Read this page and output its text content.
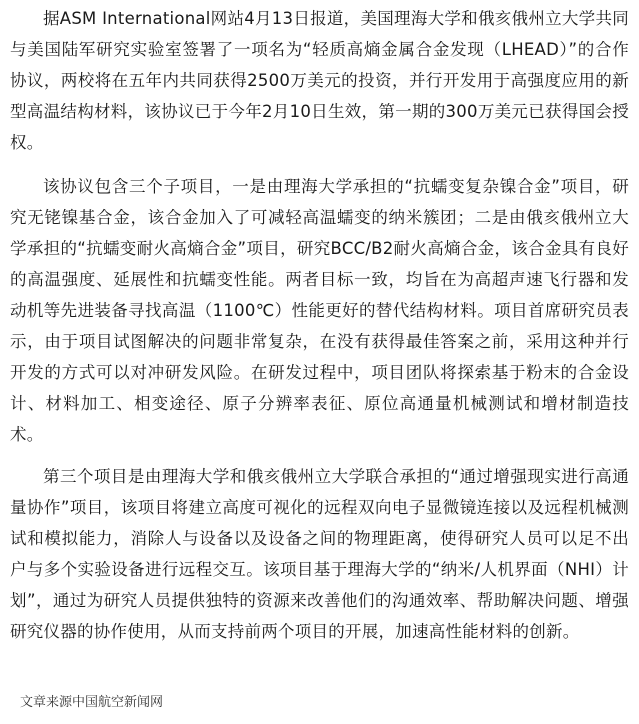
据ASM International网站4月13日报道，美国理海大学和俄亥俄州立大学共同与美国陆军研究实验室签署了一项名为“轻质高熵金属合金发现（LHEAD）”的合作协议，两校将在五年内共同获得2500万美元的投资，并行开发用于高强度应用的新型高温结构材料，该协议已于今年2月10日生效，第一期的300万美元已获得国会授权。

该协议包含三个子项目，一是由理海大学承担的“抗蠕变复杂镍合金”项目，研究无铑镍基合金，该合金加入了可减轻高温蠕变的纳米簇团；二是由俄亥俄州立大学承担的“抗蠕变耐火高熵合金”项目，研究BCC/B2耐火高熵合金，该合金具有良好的高温强度、延展性和抗蠕变性能。两者目标一致，均旨在为高超声速飞行器和发动机等先进装备寻找高温（1100℃）性能更好的替代结构材料。项目首席研究员表示，由于项目试图解决的问题非常复杂，在没有获得最佳答案之前，采用这种并行开发的方式可以对冲研发风险。在研发过程中，项目团队将探索基于粉末的合金设计、材料加工、相变途径、原子分辨率表征、原位高通量机械测试和增材制造技术。

第三个项目是由理海大学和俄亥俄州立大学联合承担的“通过增强现实进行高通量协作”项目，该项目将建立高度可视化的远程双向电子显微镜连接以及远程机械测试和模拟能力，消除人与设备以及设备之间的物理距离，使得研究人员可以足不出户与多个实验设备进行远程交互。该项目基于理海大学的“纳米/人机界面（NHI）计划”，通过为研究人员提供独特的资源来改善他们的沟通效率、帮助解决问题、增强研究仪器的协作使用，从而支持前两个项目的开展，加速高性能材料的创新。

文章来源中国航空新闻网
